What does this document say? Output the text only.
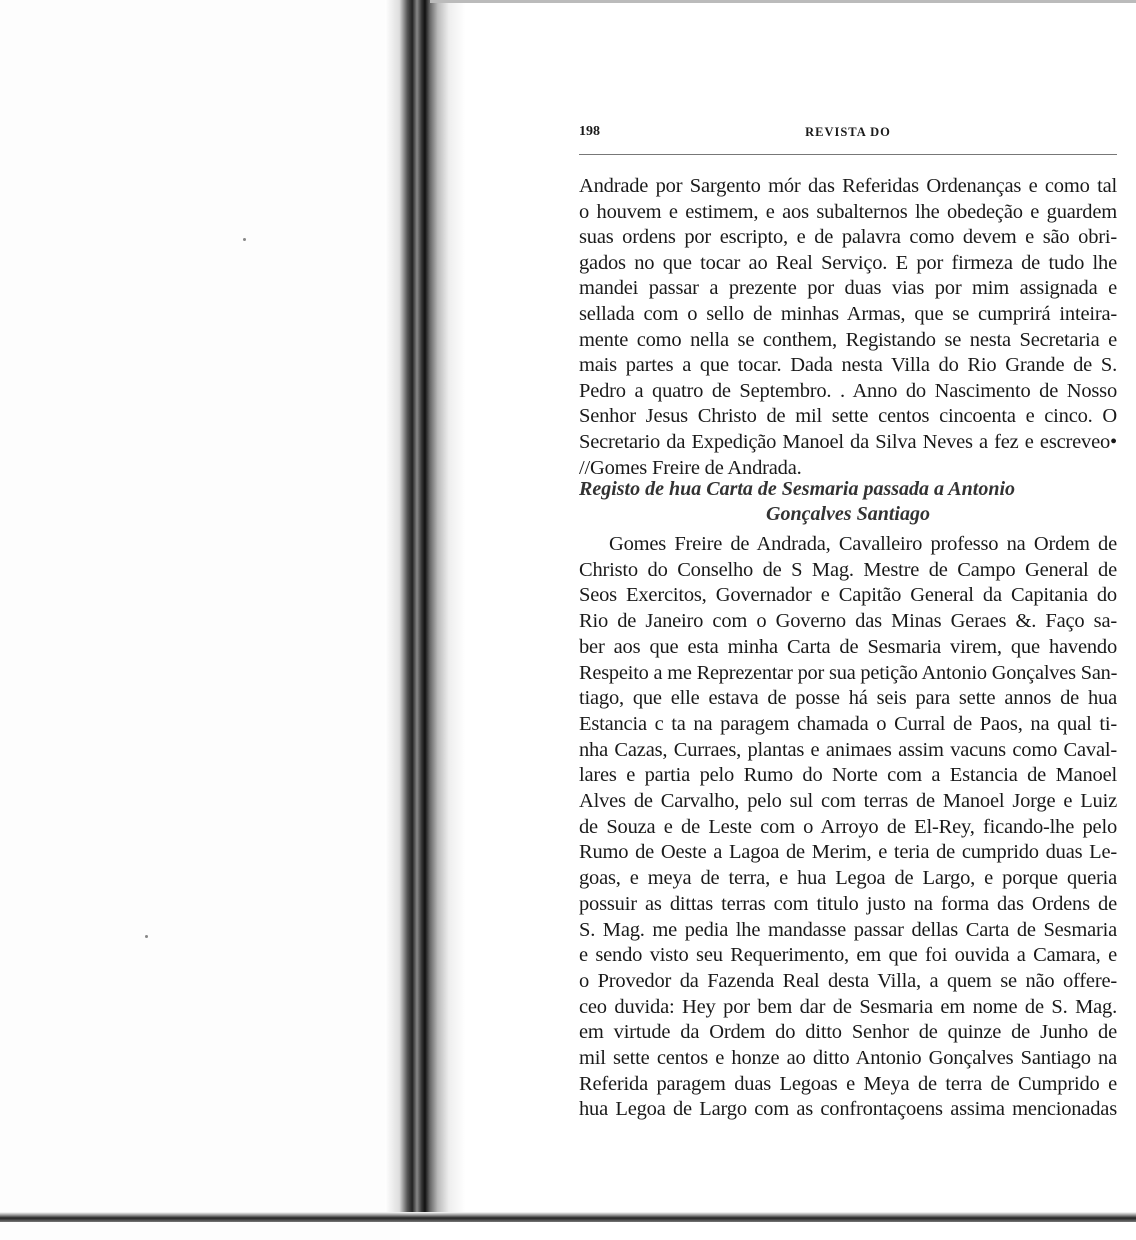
198	REVISTA DO
Andrade por Sargento mór das Referidas Ordenanças e como tal
o houvem e estimem, e aos subalternos lhe obedeção e guardem
suas ordens por escripto, e de palavra como devem e são obri-
gados no que tocar ao Real Serviço. E por firmeza de tudo lhe
mandei passar a prezente por duas vias por mim assignada e
sellada com o sello de minhas Armas, que se cumprirá inteira-
mente como nella se conthem, Registando se nesta Secretaria e
mais partes a que tocar. Dada nesta Villa do Rio Grande de S.
Pedro a quatro de Septembro. . Anno do Nascimento de Nosso
Senhor Jesus Christo de mil sette centos cincoenta e cinco. O
Secretario da Expedição Manoel da Silva Neves a fez e escreveo•
//Gomes Freire de Andrada.
Registo de hua Carta de Sesmaria passada a Antonio
Gonçalves Santiago
Gomes Freire de Andrada, Cavalleiro professo na Ordem de
Christo do Conselho de S Mag. Mestre de Campo General de
Seos Exercitos, Governador e Capitão General da Capitania do
Rio de Janeiro com o Governo das Minas Geraes &. Faço sa-
ber aos que esta minha Carta de Sesmaria virem, que havendo
Respeito a me Reprezentar por sua petição Antonio Gonçalves San-
tiago, que elle estava de posse há seis para sette annos de hua
Estancia c ta na paragem chamada o Curral de Paos, na qual ti-
nha Cazas, Curraes, plantas e animaes assim vacuns como Caval-
lares e partia pelo Rumo do Norte com a Estancia de Manoel
Alves de Carvalho, pelo sul com terras de Manoel Jorge e Luiz
de Souza e de Leste com o Arroyo de El-Rey, ficando-lhe pelo
Rumo de Oeste a Lagoa de Merim, e teria de cumprido duas Le-
goas, e meya de terra, e hua Legoa de Largo, e porque queria
possuir as dittas terras com titulo justo na forma das Ordens de
S. Mag. me pedia lhe mandasse passar dellas Carta de Sesmaria
e sendo visto seu Requerimento, em que foi ouvida a Camara, e
o Provedor da Fazenda Real desta Villa, a quem se não offere-
ceo duvida: Hey por bem dar de Sesmaria em nome de S. Mag.
em virtude da Ordem do ditto Senhor de quinze de Junho de
mil sette centos e honze ao ditto Antonio Gonçalves Santiago na
Referida paragem duas Legoas e Meya de terra de Cumprido e
hua Legoa de Largo com as confrontaçoens assima mencionadas
